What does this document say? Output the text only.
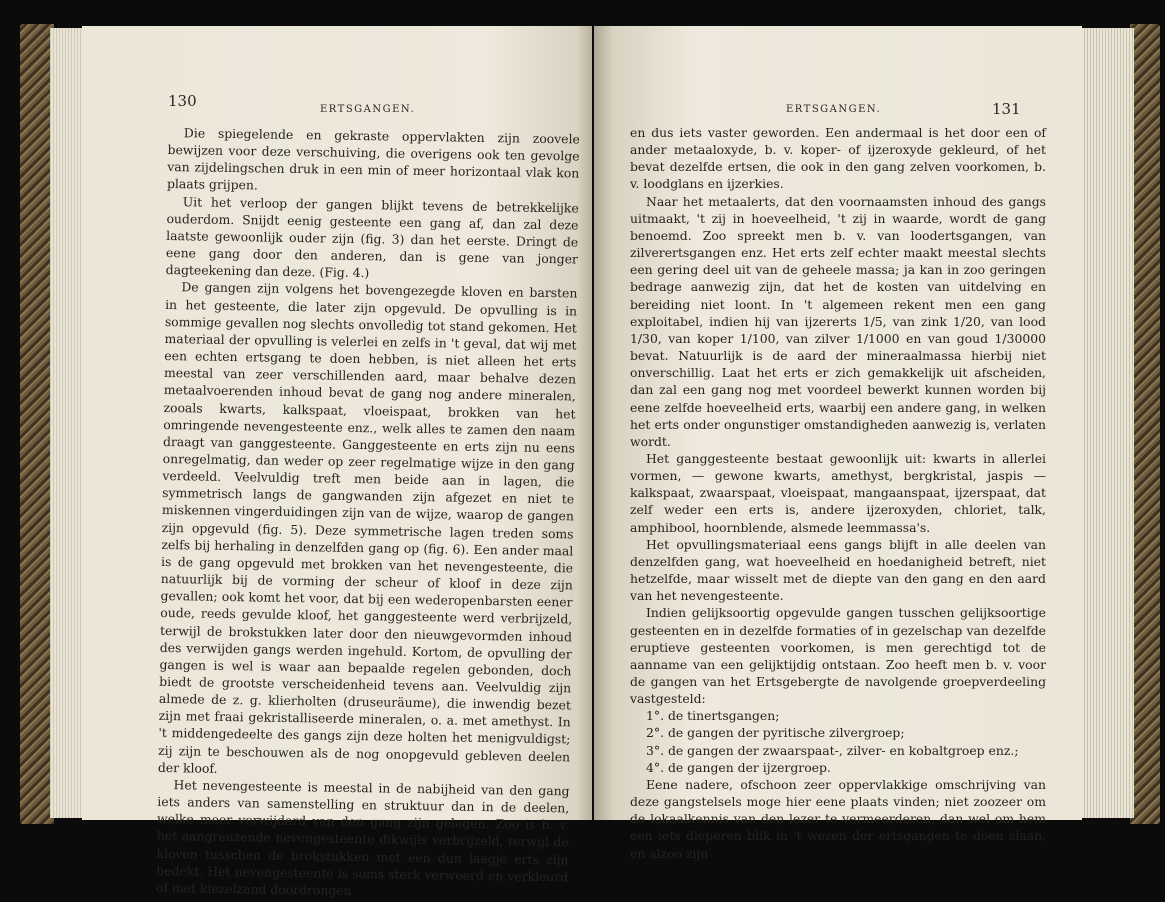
130	ERTSGANGEN.

Die spiegelende en gekraste oppervlakten zijn zoovele bewijzen voor deze verschuiving, die overigens ook ten gevolge van zijdelingschen druk in een min of meer horizontaal vlak kon plaats grijpen.

Uit het verloop der gangen blijkt tevens de betrekkelijke ouderdom. Snijdt eenig gesteente een gang af, dan zal deze laatste gewoonlijk ouder zijn (fig. 3) dan het eerste. Dringt de eene gang door den anderen, dan is gene van jonger dagteekening dan deze. (Fig. 4.)

De gangen zijn volgens het bovengezegde kloven en barsten in het gesteente, die later zijn opgevuld. De opvulling is in sommige gevallen nog slechts onvolledig tot stand gekomen. Het materiaal der opvulling is velerlei en zelfs in 't geval, dat wij met een echten ertsgang te doen hebben, is niet alleen het erts meestal van zeer verschillenden aard, maar behalve dezen metaalvoerenden inhoud bevat de gang nog andere mineralen, zooals kwarts, kalkspaat, vloeispaat, brokken van het omringende nevengesteente enz., welk alles te zamen den naam draagt van ganggesteente. Ganggesteente en erts zijn nu eens onregelmatig, dan weder op zeer regelmatige wijze in den gang verdeeld. Veelvuldig treft men beide aan in lagen, die symmetrisch langs de gangwanden zijn afgezet en niet te miskennen vingerduidingen zijn van de wijze, waarop de gangen zijn opgevuld (fig. 5). Deze symmetrische lagen treden soms zelfs bij herhaling in denzelfden gang op (fig. 6). Een ander maal is de gang opgevuld met brokken van het nevengesteente, die natuurlijk bij de vorming der scheur of kloof in deze zijn gevallen; ook komt het voor, dat bij een wederopenbarsten eener oude, reeds gevulde kloof, het ganggesteente werd verbrijzeld, terwijl de brokstukken later door den nieuwgevormden inhoud des verwijden gangs werden ingehuld. Kortom, de opvulling der gangen is wel is waar aan bepaalde regelen gebonden, doch biedt de grootste verscheidenheid tevens aan. Veelvuldig zijn almede de z. g. klierholten (druseuräume), die inwendig bezet zijn met fraai gekristalliseerde mineralen, o. a. met amethyst. In 't middengedeelte des gangs zijn deze holten het menigvuldigst; zij zijn te beschouwen als de nog onopgevuld gebleven deelen der kloof.

Het nevengesteente is meestal in de nabijheid van den gang iets anders van samenstelling en struktuur dan in de deelen, welke meer verwijderd van den gang zijn gelegen. Zoo is b. v. het aangrenzende nevengesteente dikwijls verbrijzeld, terwijl de kloven tusschen de brokstukken met een dun laagje erts zijn bedekt. Het nevengesteente is soms sterk verweerd en verkleurd of met kiezelzand doordrongen

131
ERTSGANGEN.

en dus iets vaster geworden. Een andermaal is het door een of ander metaaloxyde, b. v. koper- of ijzeroxyde gekleurd, of het bevat dezelfde ertsen, die ook in den gang zelven voorkomen, b. v. loodglans en ijzerkies.

Naar het metaalerts, dat den voornaamsten inhoud des gangs uitmaakt, 't zij in hoeveelheid, 't zij in waarde, wordt de gang benoemd. Zoo spreekt men b. v. van loodertsgangen, van zilverertsgangen enz. Het erts zelf echter maakt meestal slechts een gering deel uit van de geheele massa; ja kan in zoo geringen bedrage aanwezig zijn, dat het de kosten van uitdelving en bereiding niet loont. In 't algemeen rekent men een gang exploitabel, indien hij van ijzererts 1/5, van zink 1/20, van lood 1/30, van koper 1/100, van zilver 1/1000 en van goud 1/30000 bevat. Natuurlijk is de aard der mineraalmassa hierbij niet onverschillig. Laat het erts er zich gemakkelijk uit afscheiden, dan zal een gang nog met voordeel bewerkt kunnen worden bij eene zelfde hoeveelheid erts, waarbij een andere gang, in welken het erts onder ongunstiger omstandigheden aanwezig is, verlaten wordt.

Het ganggesteente bestaat gewoonlijk uit: kwarts in allerlei vormen, — gewone kwarts, amethyst, bergkristal, jaspis — kalkspaat, zwaarspaat, vloeispaat, mangaanspaat, ijzerspaat, dat zelf weder een erts is, andere ijzeroxyden, chloriet, talk, amphibool, hoornblende, alsmede leemmassa's.

Het opvullingsmateriaal eens gangs blijft in alle deelen van denzelfden gang, wat hoeveelheid en hoedanigheid betreft, niet hetzelfde, maar wisselt met de diepte van den gang en den aard van het nevengesteente.

Indien gelijksoortig opgevulde gangen tusschen gelijksoortige gesteenten en in dezelfde formaties of in gezelschap van dezelfde eruptieve gesteenten voorkomen, is men gerechtigd tot de aanname van een gelijktijdig ontstaan. Zoo heeft men b. v. voor de gangen van het Ertsgebergte de navolgende groepverdeeling vastgesteld:

1°. de tinertsgangen;

2°. de gangen der pyritische zilvergroep;

3°. de gangen der zwaarspaat-, zilver- en kobaltgroep enz.;

4°. de gangen der ijzergroep.

Eene nadere, ofschoon zeer oppervlakkige omschrijving van deze gangstelsels moge hier eene plaats vinden; niet zoozeer om de lokaalkennis van den lezer te vermeerderen, dan wel om hem een iets dieperen blik in 't wezen der ertsgangen te doen slaan, en alzoo zijn
